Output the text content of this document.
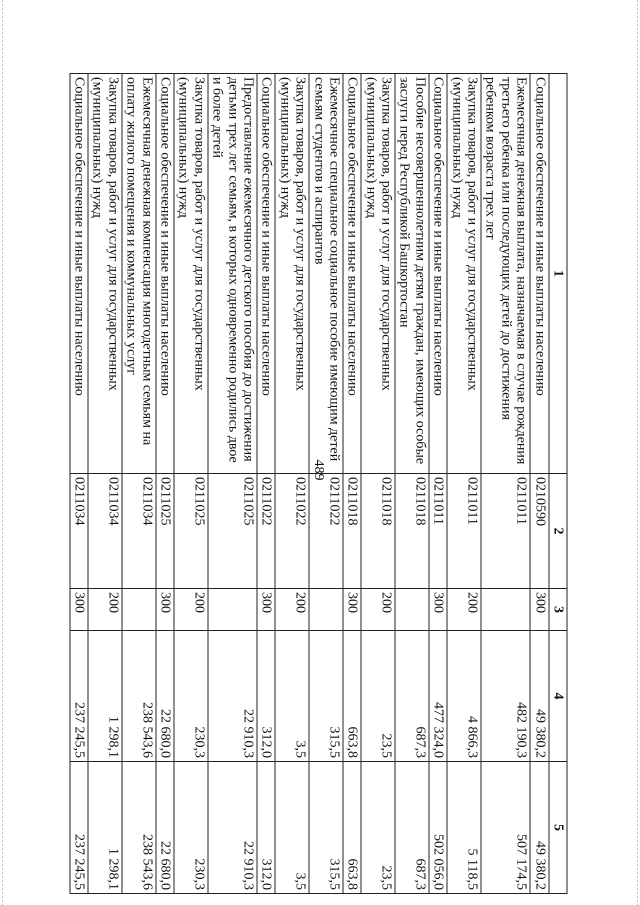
489
1	2	3	4	5
Социальное обеспечение и иные выплаты населению	0210590	300	49 380,2	49 380,2
Ежемесячная денежная выплата, назначаемая в случае рождения третьего ребенка или последующих детей до достижения ребенком возраста трех лет	0211011		482 190,3	507 174,5
Закупка товаров, работ и услуг для государственных (муниципальных) нужд	0211011	200	4 866,3	5 118,5
Социальное обеспечение и иные выплаты населению	0211011	300	477 324,0	502 056,0
Пособие несовершеннолетним детям граждан, имеющих особые заслуги перед Республикой Башкортостан	0211018		687,3	687,3
Закупка товаров, работ и услуг для государственных (муниципальных) нужд	0211018	200	23,5	23,5
Социальное обеспечение и иные выплаты населению	0211018	300	663,8	663,8
Ежемесячное специальное социальное пособие имеющим детей семьям студентов и аспирантов	0211022		315,5	315,5
Закупка товаров, работ и услуг для государственных (муниципальных) нужд	0211022	200	3,5	3,5
Социальное обеспечение и иные выплаты населению	0211022	300	312,0	312,0
Предоставление ежемесячного детского пособия до достижения детьми трех лет семьям, в которых одновременно родились двое и более детей	0211025		22 910,3	22 910,3
Закупка товаров, работ и услуг для государственных (муниципальных) нужд	0211025	200	230,3	230,3
Социальное обеспечение и иные выплаты населению	0211025	300	22 680,0	22 680,0
Ежемесячная денежная компенсация многодетным семьям на оплату жилого помещения и коммунальных услуг	0211034		238 543,6	238 543,6
Закупка товаров, работ и услуг для государственных (муниципальных) нужд	0211034	200	1 298,1	1 298,1
Социальное обеспечение и иные выплаты населению	0211034	300	237 245,5	237 245,5
